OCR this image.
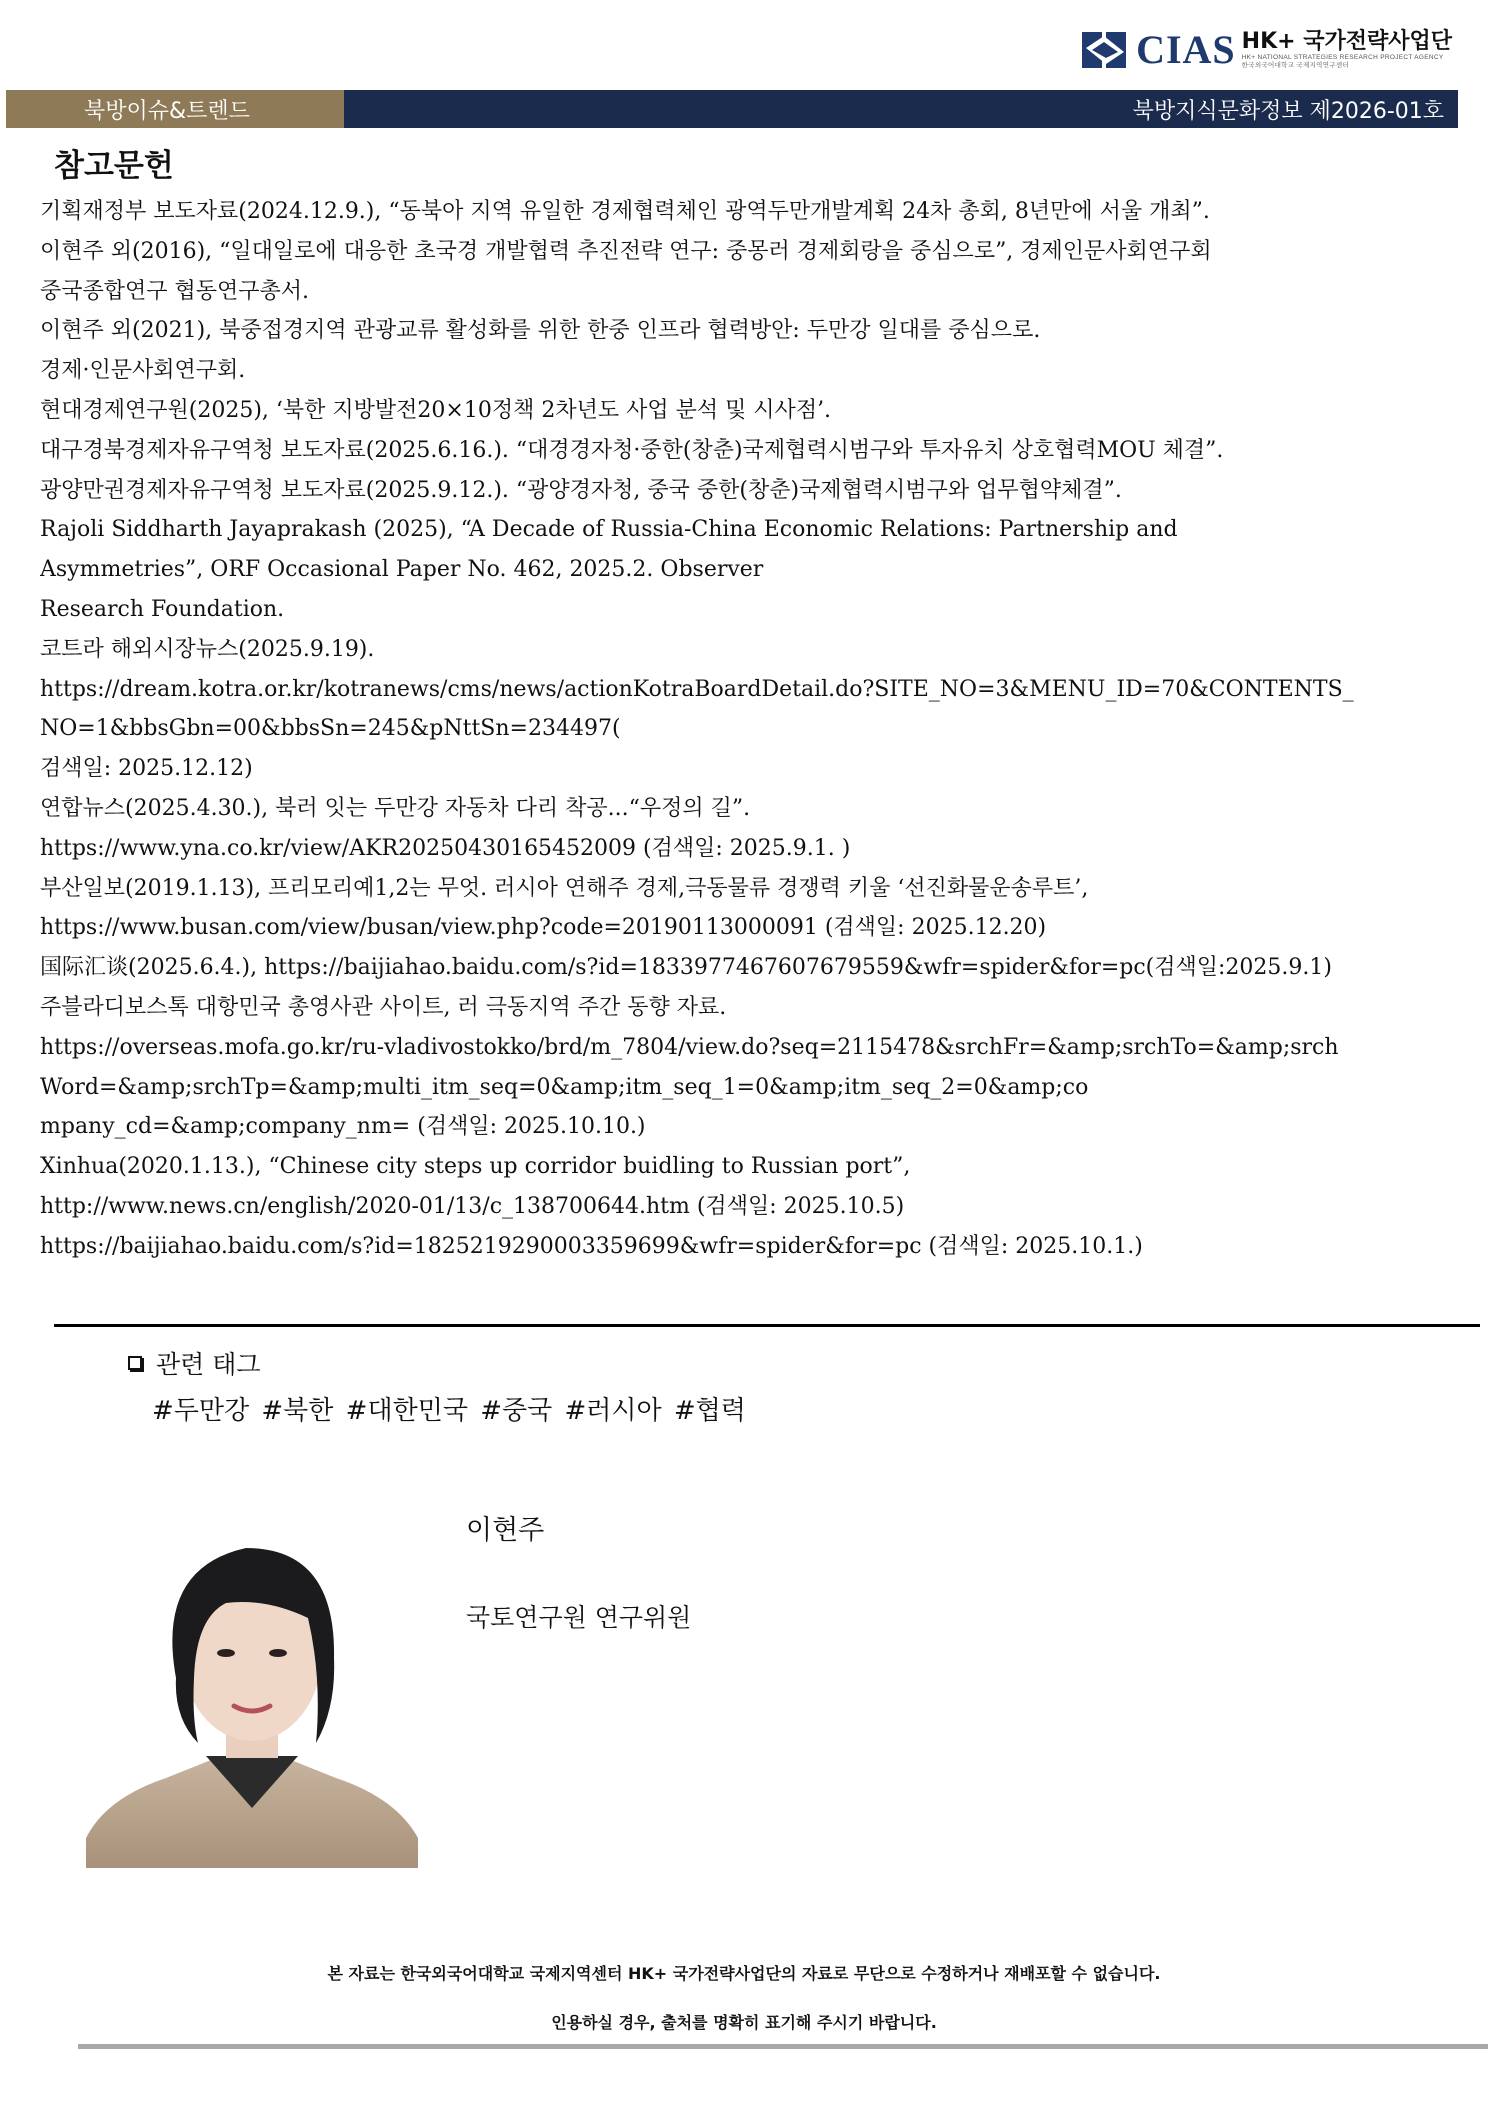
CIAS HK+ 국가전략사업단
HK+ NATIONAL STRATEGIES RESEARCH PROJECT AGENCY
한국외국어대학교 국제지역연구센터
북방이슈&트렌드	북방지식문화정보 제2026-01호
참고문헌
기획재정부 보도자료(2024.12.9.), “동북아 지역 유일한 경제협력체인 광역두만개발계획 24차 총회, 8년만에 서울 개최”.
이현주 외(2016), “일대일로에 대응한 초국경 개발협력 추진전략 연구: 중몽러 경제회랑을 중심으로”, 경제인문사회연구회
중국종합연구 협동연구총서.
이현주 외(2021), 북중접경지역 관광교류 활성화를 위한 한중 인프라 협력방안: 두만강 일대를 중심으로.
경제·인문사회연구회.
현대경제연구원(2025), ‘북한 지방발전20×10정책 2차년도 사업 분석 및 시사점’.
대구경북경제자유구역청 보도자료(2025.6.16.). “대경경자청·중한(창춘)국제협력시범구와 투자유치 상호협력MOU 체결”.
광양만권경제자유구역청 보도자료(2025.9.12.). “광양경자청, 중국 중한(창춘)국제협력시범구와 업무협약체결”.
Rajoli Siddharth Jayaprakash (2025), “A Decade of Russia-China Economic Relations: Partnership and
Asymmetries”, ORF Occasional Paper No. 462, 2025.2. Observer
Research Foundation.
코트라 해외시장뉴스(2025.9.19).
https://dream.kotra.or.kr/kotranews/cms/news/actionKotraBoardDetail.do?SITE_NO=3&MENU_ID=70&CONTENTS_
NO=1&bbsGbn=00&bbsSn=245&pNttSn=234497(
검색일: 2025.12.12)
연합뉴스(2025.4.30.), 북러 잇는 두만강 자동차 다리 착공...“우정의 길”.
https://www.yna.co.kr/view/AKR20250430165452009 (검색일: 2025.9.1. )
부산일보(2019.1.13), 프리모리예1,2는 무엇. 러시아 연해주 경제,극동물류 경쟁력 키울 ‘선진화물운송루트’,
https://www.busan.com/view/busan/view.php?code=20190113000091 (검색일: 2025.12.20)
国际汇谈(2025.6.4.), https://baijiahao.baidu.com/s?id=1833977467607679559&wfr=spider&for=pc(검색일:2025.9.1)
주블라디보스톡 대항민국 총영사관 사이트, 러 극동지역 주간 동향 자료.
https://overseas.mofa.go.kr/ru-vladivostokko/brd/m_7804/view.do?seq=2115478&srchFr=&amp;srchTo=&amp;srch
Word=&amp;srchTp=&amp;multi_itm_seq=0&amp;itm_seq_1=0&amp;itm_seq_2=0&amp;co
mpany_cd=&amp;company_nm= (검색일: 2025.10.10.)
Xinhua(2020.1.13.), “Chinese city steps up corridor buidling to Russian port”,
http://www.news.cn/english/2020-01/13/c_138700644.htm (검색일: 2025.10.5)
https://baijiahao.baidu.com/s?id=1825219290003359699&wfr=spider&for=pc (검색일: 2025.10.1.)
관련 태그
#두만강 #북한 #대한민국 #중국 #러시아 #협력
이현주
국토연구원 연구위원
본 자료는 한국외국어대학교 국제지역센터 HK+ 국가전략사업단의 자료로 무단으로 수정하거나 재배포할 수 없습니다.
인용하실 경우, 출처를 명확히 표기해 주시기 바랍니다.
